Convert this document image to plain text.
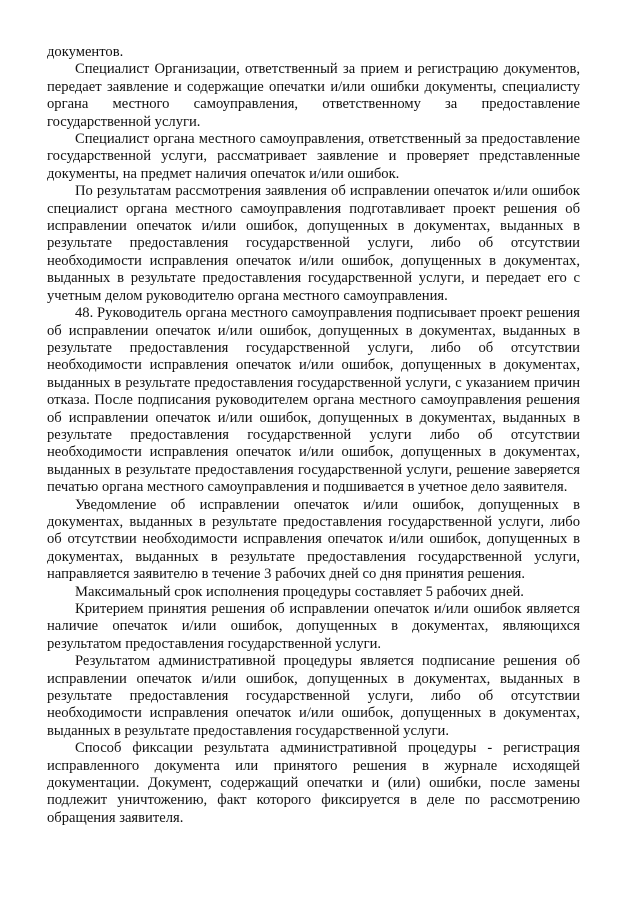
документов.

Специалист Организации, ответственный за прием и регистрацию документов, передает заявление и содержащие опечатки и/или ошибки документы, специалисту органа местного самоуправления, ответственному за предоставление государственной услуги.

Специалист органа местного самоуправления, ответственный за предоставление государственной услуги, рассматривает заявление и проверяет представленные документы, на предмет наличия опечаток и/или ошибок.

По результатам рассмотрения заявления об исправлении опечаток и/или ошибок специалист органа местного самоуправления подготавливает проект решения об исправлении опечаток и/или ошибок, допущенных в документах, выданных в результате предоставления государственной услуги, либо об отсутствии необходимости исправления опечаток и/или ошибок, допущенных в документах, выданных в результате предоставления государственной услуги, и передает его с учетным делом руководителю органа местного самоуправления.

48. Руководитель органа местного самоуправления подписывает проект решения об исправлении опечаток и/или ошибок, допущенных в документах, выданных в результате предоставления государственной услуги, либо об отсутствии необходимости исправления опечаток и/или ошибок, допущенных в документах, выданных в результате предоставления государственной услуги, с указанием причин отказа. После подписания руководителем органа местного самоуправления решения об исправлении опечаток и/или ошибок, допущенных в документах, выданных в результате предоставления государственной услуги либо об отсутствии необходимости исправления опечаток и/или ошибок, допущенных в документах, выданных в результате предоставления государственной услуги, решение заверяется печатью органа местного самоуправления и подшивается в учетное дело заявителя.

Уведомление об исправлении опечаток и/или ошибок, допущенных в документах, выданных в результате предоставления государственной услуги, либо об отсутствии необходимости исправления опечаток и/или ошибок, допущенных в документах, выданных в результате предоставления государственной услуги, направляется заявителю в течение 3 рабочих дней со дня принятия решения.

Максимальный срок исполнения процедуры составляет 5 рабочих дней.

Критерием принятия решения об исправлении опечаток и/или ошибок является наличие опечаток и/или ошибок, допущенных в документах, являющихся результатом предоставления государственной услуги.

Результатом административной процедуры является подписание решения об исправлении опечаток и/или ошибок, допущенных в документах, выданных в результате предоставления государственной услуги, либо об отсутствии необходимости исправления опечаток и/или ошибок, допущенных в документах, выданных в результате предоставления государственной услуги.

Способ фиксации результата административной процедуры - регистрация исправленного документа или принятого решения в журнале исходящей документации. Документ, содержащий опечатки и (или) ошибки, после замены подлежит уничтожению, факт которого фиксируется в деле по рассмотрению обращения заявителя.
